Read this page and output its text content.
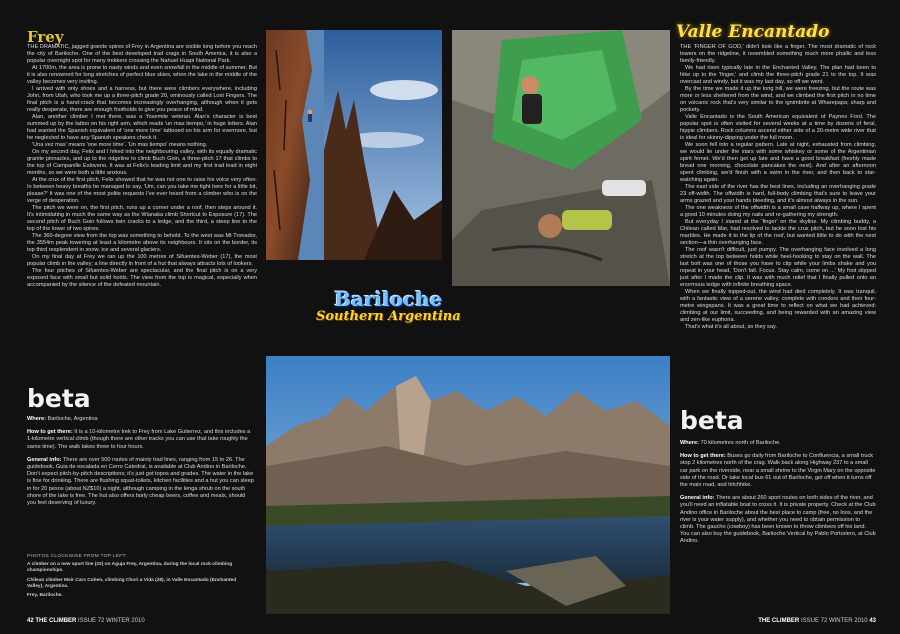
Frey

THE DRAMATIC, jagged granite spires of Frey in Argentina are visible long before you reach the city of Bariloche. One of the best developed trad crags in South America, it is also a popular overnight spot for many trekkers crossing the Nahuel Huapi National Park.

At 1700m, the area is prone to nasty winds and even snowfall in the middle of summer. But it is also renowned for long stretches of perfect blue skies, when the lake in the middle of the valley becomes very inviting.

I arrived with only shoes and a harness, but there were climbers everywhere, including John, from Utah, who took me up a three-pitch grade 20, ominously called Lost Fingers. The final pitch is a hand-crack that becomes increasingly overhanging, although when it gets really desperate, there are enough footholds to give you peace of mind.

Alan, another climber I met there, was a Yosemite veteran. Alan's character is best summed up by the tattoo on his right arm, which reads 'un mas tiempo,' in huge letters. Alan had wanted the Spanish equivalent of 'one more time' tattooed on his arm for evermore, but he neglected to have any Spanish speakers check it.

'Una vez mas' means 'one more time'. 'Un mas tiempo' means nothing.

On my second day, Felix and I hiked into the neighbouring valley, with its equally dramatic granite pinnacles, and up to the ridgeline to climb Buch Goin, a three-pitch 17 that climbs to the top of Campanille Esloveno. It was at Felix's leading limit and my first trad lead in eight months, so we were both a little anxious.

At the crux of the first pitch, Felix showed that he was not one to raise his voice very often. In between heavy breaths he managed to say, 'Um, can you take me tight here for a little bit, please?' It was one of the most polite requests I've ever heard from a climber who is on the verge of desperation.

The pitch we were on, the first pitch, runs up a corner under a roof, then steps around it. It's intimidating in much the same way as the Wianaka climb Shortcut to Exposure (17). The second pitch of Buch Goin follows twin cracks to a ledge, and the third, a steep line to the top of the lower of two spires.

The 360-degree view from the top was something to behold. To the west was Mt Tronador, the 3554m peak towering at least a kilometre above its neighbours. It sits on the border, its top third resplendent in snow, ice and several glaciers.

On my final day at Frey we ran up the 100 metres of Sifuentes-Weber (17), the most popular climb in the valley; a line directly in front of a hut that always attracts lots of lookers.

The four pitches of Sifuentes-Weber are spectacular, and the final pitch is on a very exposed face with small but solid holds. The view from the top is magical, especially when accompanied by the silence of the defeated mountain.

Bariloche
Southern Argentina
beta

Where: Bariloche, Argentina

How to get there: It is a 10-kilometre trek to Frey from Lake Gutierrez, and this includes a 1-kilometre vertical climb (though there are other tracks you can use that take roughly the same time). The walk takes three to four hours.

General info: There are over 500 routes of mainly trad lines, ranging from 15 to 26. The guidebook, Guia de escalada en Cerro Catedral, is available at Club Andino in Bariloche. Don't expect pitch-by-pitch descriptions; it's just got topos and grades. The water in the lake is fine for drinking. There are flushing squat-toilets, kitchen facilities and a hut you can sleep in for 20 pesos (about NZ$10) a night, although camping in the lenga shrub on the south shore of the lake is free. The hut also offers fairly cheap beers, coffee and meals, should you feel deserving of luxury.

PHOTOS CLOCKWISE FROM TOP LEFT:

A climber on a new sport line (22) on Aguja Frey, Argentina, during the local rock-climbing championships.

Chilean climber Meir Cars Cohen, climbing Chori a Vida (28), in Valle Encantado (Enchanted Valley), Argentina.

Frey, Bariloche.

Valle Encantado

THE 'FINGER OF GOD,' didn't look like a finger. The most dramatic of rock towers on the ridgeline, it resembled something much more phallic and less family-friendly.

We had risen typically late in the Enchanted Valley. The plan had been to hike up to the 'finger,' and climb the three-pitch grade 21 to the top. It was overcast and windy, but it was my last day, so off we went.

By the time we made it up the long hill, we were freezing, but the route was more or less sheltered from the wind, and we climbed the first pitch in no time on volcanic rock that's very similar to the ignimbrite at Wharepapa; sharp and pockety.

Valle Encantado is the South American equivalent of Paynes Ford. The popular spot is often visited for several weeks at a time by dozens of feral, hippie climbers. Rock columns ascend either side of a 30-metre wide river that is ideal for skinny-dipping under the full moon.

We soon fell into a regular pattern. Late at night, exhausted from climbing, we would lie under the stars with some whiskey or some of the Argentinian spirit fernet. We'd then get up late and have a good breakfast (freshly made bread one morning, chocolate pancakes the next). And after an afternoon spent climbing, we'd finish with a swim in the river, and then back to star-watching again.

The east side of the river has the best lines, including an overhanging grade 23 off-width. The offwidth is hard, full-body climbing that's sure to leave your arms grazed and your hands bleeding, and it's almost always in the sun.

The one weakness of the offwidth is a small cave halfway up, where I spent a good 10 minutes doing my nails and re-gathering my strength.

But everyday I stared at the 'finger' on the skyline. My climbing buddy, a Chilean called Mar, had resolved to tackle the crux pitch, but he soon lost his marbles. He made it to the lip of the roof, but wanted little to do with the next section—a thin overhanging face.

The roof wasn't difficult, just pumpy. The overhanging face involved a long stretch at the top between holds while heel-hooking to stay on the wall. The last bolt was one of those you have to clip while your limbs shake and you repeat in your head, 'Don't fall. Focus. Stay calm, come on ...' My foot slipped just after I made the clip. It was with much relief that I finally pulled onto an enormous ledge with infinite breathing space.

When we finally topped-out, the wind had died completely. It was tranquil, with a fantastic view of a serene valley, complete with condors and their four-metre wingspans. It was a great time to reflect on what we had achieved: climbing at our limit, succeeding, and being rewarded with an amazing view and zen-like euphoria.

That's what it's all about, so they say.

beta

Where: 70 kilometres north of Bariloche.

How to get there: Buses go daily from Bariloche to Confluencia, a small truck stop 2 kilometres north of the crag. Walk back along Highway 237 to a small car park on the riverside, near a small shrine to the Virgin Mary on the opposite side of the road. Or take local bus 61 out of Bariloche, get off when it turns off the main road, and hitchhike.

General info: There are about 260 sport routes on both sides of the river, and you'll need an inflatable boat to cross it. It is private property. Check at the Club Andino office in Bariloche about the best place to camp (free, no loos, and the river is your water supply), and whether you need to obtain permission to climb. The gaucho (cowboy) has been known to throw climbers off his land. You can also buy the guidebook, Bariloche Vertical by Pablo Portoriero, at Club Andino.

42 THE CLIMBER ISSUE 72 WINTER 2010	THE CLIMBER ISSUE 72 WINTER 2010 43
